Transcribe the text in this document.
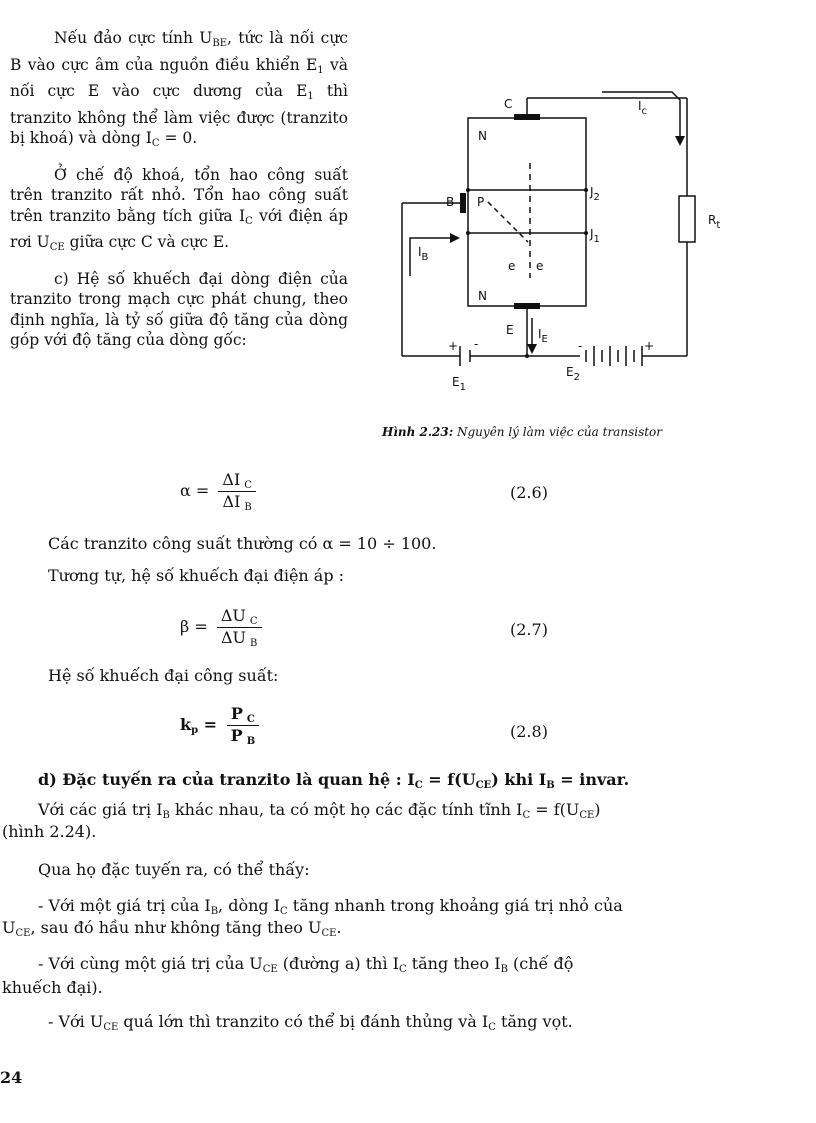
Nếu đảo cực tính $U_{BE}$, tức là nối cực B vào cực âm của nguồn điều khiển $E_1$ và nối cực E vào cực dương của $E_1$ thì tranzito không thể làm việc được (tranzito bị khoá) và dòng $I_C = 0$.

Ở chế độ khoá, tổn hao công suất trên tranzito rất nhỏ. Tổn hao công suất trên tranzito bằng tích giữa $I_C$ với điện áp rơi $U_{CE}$ giữa cực C và cực E.

c) Hệ số khuếch đại dòng điện của tranzito trong mạch cực phát chung, theo định nghĩa, là tỷ số giữa độ tăng của dòng góp với độ tăng của dòng gốc:

C
N
P
N
B
E
$I_c$
$I_B$
$I_E$
$J_2$
$J_1$
$R_t$
$E_1$
$E_2$
e e
+ -	-	+
Hình 2.23: Nguyên lý làm việc của transistor
$\alpha = \frac{\Delta I _C}{\Delta I _B}$	(2.6)
Các tranzito công suất thường có α = 10 ÷ 100.
Tương tự, hệ số khuếch đại điện áp :
$\beta = \frac{\Delta U _C}{\Delta U _B}$	(2.7)
Hệ số khuếch đại công suất:
$k_p = \frac{P _C}{P _B}$	(2.8)
d) Đặc tuyến ra của tranzito là quan hệ : $I_C = f(U_{CE})$ khi $I_B$ = invar.
Với các giá trị $I_B$ khác nhau, ta có một họ các đặc tính tĩnh $I_C = f(U_{CE})$
(hình 2.24).
Qua họ đặc tuyến ra, có thể thấy:
- Với một giá trị của $I_B$, dòng $I_C$ tăng nhanh trong khoảng giá trị nhỏ của
$U_{CE}$, sau đó hầu như không tăng theo $U_{CE}$.
- Với cùng một giá trị của $U_{CE}$ (đường a) thì $I_C$ tăng theo $I_B$ (chế độ
khuếch đại).
- Với $U_{CE}$ quá lớn thì tranzito có thể bị đánh thủng và $I_C$ tăng vọt.
24
